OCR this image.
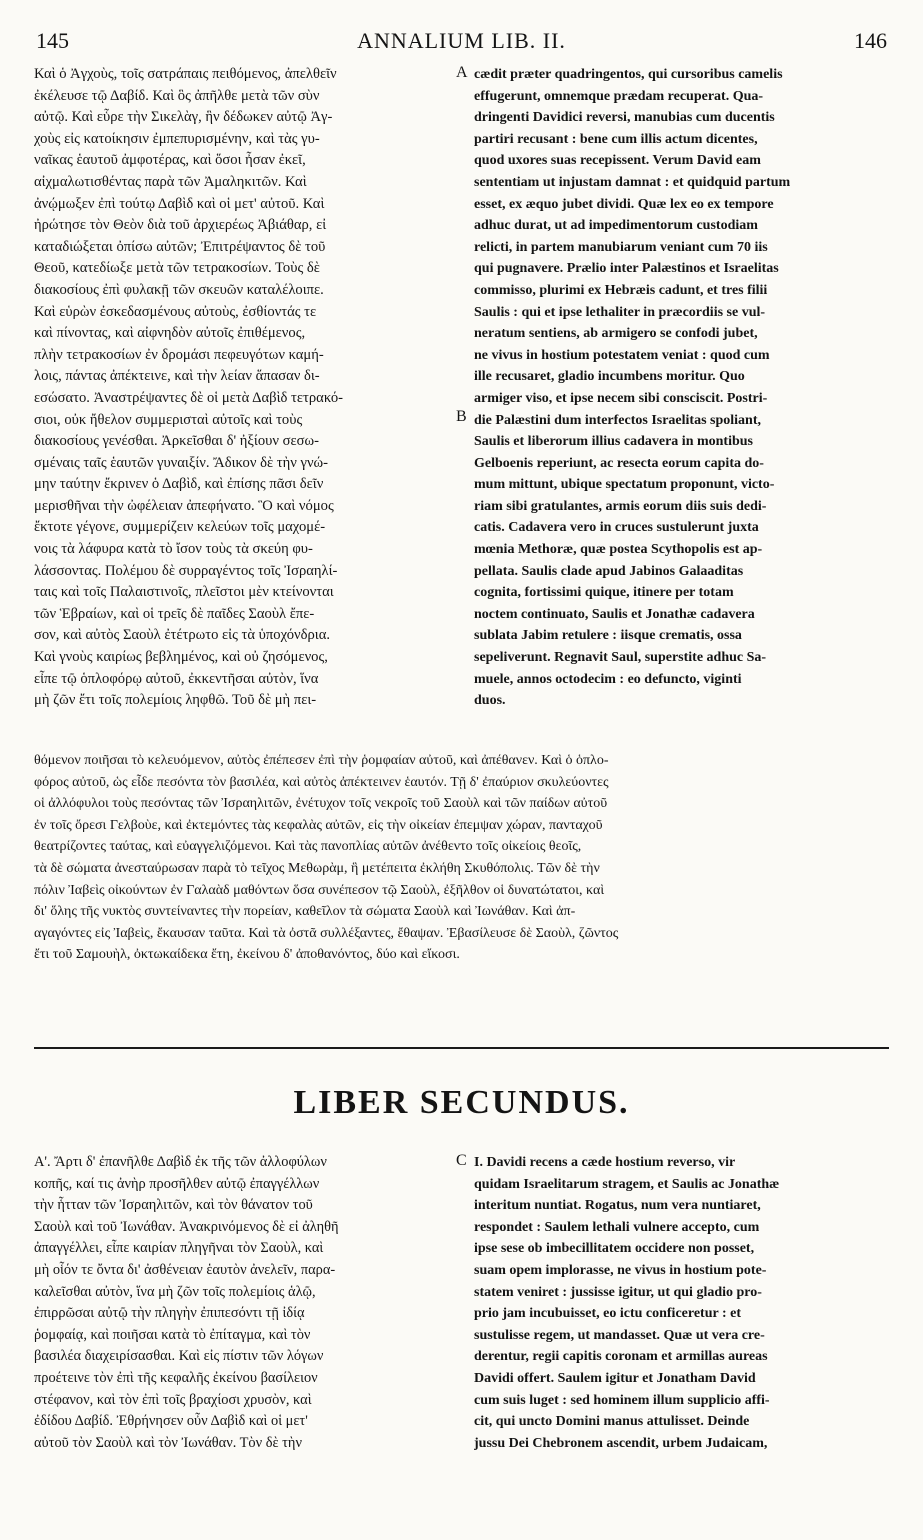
145	ANNALIUM LIB. II.	146
A
B
C
Καὶ ὁ Ἀγχοὺς, τοῖς σατράπαις πειθόμενος, ἀπελθεῖν
ἐκέλευσε τῷ Δαβίδ. Καὶ ὃς ἀπῆλθε μετὰ τῶν σὺν
αὐτῷ. Καὶ εὗρε τὴν Σικελὰγ, ἣν δέδωκεν αὐτῷ Ἀγ-
χοὺς εἰς κατοίκησιν ἐμπεπυρισμένην, καὶ τὰς γυ-
ναῖκας ἑαυτοῦ ἀμφοτέρας, καὶ ὅσοι ἦσαν ἐκεῖ,
αἰχμαλωτισθέντας παρὰ τῶν Ἀμαληκιτῶν. Καὶ
ἀνῴμωξεν ἐπὶ τούτῳ Δαβὶδ καὶ οἱ μετ' αὐτοῦ. Καὶ
ἠρώτησε τὸν Θεὸν διὰ τοῦ ἀρχιερέως Ἀβιάθαρ, εἰ
καταδιώξεται ὀπίσω αὐτῶν; Ἐπιτρέψαντος δὲ τοῦ
Θεοῦ, κατεδίωξε μετὰ τῶν τετρακοσίων. Τοὺς δὲ
διακοσίους ἐπὶ φυλακῇ τῶν σκευῶν καταλέλοιπε.
Καὶ εὑρὼν ἐσκεδασμένους αὐτοὺς, ἐσθίοντάς τε
καὶ πίνοντας, καὶ αἰφνηδὸν αὐτοῖς ἐπιθέμενος,
πλὴν τετρακοσίων ἐν δρομάσι πεφευγότων καμή-
λοις, πάντας ἀπέκτεινε, καὶ τὴν λείαν ἅπασαν δι-
εσώσατο. Ἀναστρέψαντες δὲ οἱ μετὰ Δαβὶδ τετρακό-
σιοι, οὐκ ἤθελον συμμερισταὶ αὐτοῖς καὶ τοὺς
διακοσίους γενέσθαι. Ἀρκεῖσθαι δ' ἠξίουν σεσω-
σμέναις ταῖς ἑαυτῶν γυναιξίν. Ἄδικον δὲ τὴν γνώ-
μην ταύτην ἔκρινεν ὁ Δαβὶδ, καὶ ἐπίσης πᾶσι δεῖν
μερισθῆναι τὴν ὠφέλειαν ἀπεφήνατο. Ὃ καὶ νόμος
ἔκτοτε γέγονε, συμμερίζειν κελεύων τοῖς μαχομέ-
νοις τὰ λάφυρα κατὰ τὸ ἴσον τοὺς τὰ σκεύη φυ-
λάσσοντας. Πολέμου δὲ συρραγέντος τοῖς Ἰσραηλί-
ταις καὶ τοῖς Παλαιστινοῖς, πλεῖστοι μὲν κτείνονται
τῶν Ἑβραίων, καὶ οἱ τρεῖς δὲ παῖδες Σαοὺλ ἔπε-
σον, καὶ αὐτὸς Σαοὺλ ἐτέτρωτο εἰς τὰ ὑποχόνδρια.
Καὶ γνοὺς καιρίως βεβλημένος, καὶ οὐ ζησόμενος,
εἶπε τῷ ὁπλοφόρῳ αὐτοῦ, ἐκκεντῆσαι αὐτὸν, ἵνα
μὴ ζῶν ἔτι τοῖς πολεμίοις ληφθῶ. Τοῦ δὲ μὴ πει-
cædit præter quadringentos, qui cursoribus camelis
effugerunt, omnemque prædam recuperat. Qua-
dringenti Davidici reversi, manubias cum ducentis
partiri recusant : bene cum illis actum dicentes,
quod uxores suas recepissent. Verum David eam
sententiam ut injustam damnat : et quidquid partum
esset, ex æquo jubet dividi. Quæ lex eo ex tempore
adhuc durat, ut ad impedimentorum custodiam
relicti, in partem manubiarum veniant cum 70 iis
qui pugnavere. Prælio inter Palæstinos et Israelitas
commisso, plurimi ex Hebræis cadunt, et tres filii
Saulis : qui et ipse lethaliter in præcordiis se vul-
neratum sentiens, ab armigero se confodi jubet,
ne vivus in hostium potestatem veniat : quod cum
ille recusaret, gladio incumbens moritur. Quo
armiger viso, et ipse necem sibi consciscit. Postri-
die Palæstini dum interfectos Israelitas spoliant,
Saulis et liberorum illius cadavera in montibus
Gelboenis reperiunt, ac resecta eorum capita do-
mum mittunt, ubique spectatum proponunt, victo-
riam sibi gratulantes, armis eorum diis suis dedi-
catis. Cadavera vero in cruces sustulerunt juxta
mœnia Methoræ, quæ postea Scythopolis est ap-
pellata. Saulis clade apud Jabinos Galaaditas
cognita, fortissimi quique, itinere per totam
noctem continuato, Saulis et Jonathæ cadavera
sublata Jabim retulere : iisque crematis, ossa
sepeliverunt. Regnavit Saul, superstite adhuc Sa-
muele, annos octodecim : eo defuncto, viginti
duos.
θόμενον ποιῆσαι τὸ κελευόμενον, αὐτὸς ἐπέπεσεν ἐπὶ τὴν ῥομφαίαν αὐτοῦ, καὶ ἀπέθανεν. Καὶ ὁ ὁπλο-
φόρος αὐτοῦ, ὡς εἶδε πεσόντα τὸν βασιλέα, καὶ αὐτὸς ἀπέκτεινεν ἑαυτόν. Τῇ δ' ἐπαύριον σκυλεύοντες
οἱ ἀλλόφυλοι τοὺς πεσόντας τῶν Ἰσραηλιτῶν, ἐνέτυχον τοῖς νεκροῖς τοῦ Σαοὺλ καὶ τῶν παίδων αὐτοῦ
ἐν τοῖς ὄρεσι Γελβοὺε, καὶ ἐκτεμόντες τὰς κεφαλὰς αὐτῶν, εἰς τὴν οἰκείαν ἐπεμψαν χώραν, πανταχοῦ
θεατρίζοντες ταύτας, καὶ εὐαγγελιζόμενοι. Καὶ τὰς πανοπλίας αὐτῶν ἀνέθεντο τοῖς οἰκείοις θεοῖς,
τὰ δὲ σώματα ἀνεσταύρωσαν παρὰ τὸ τεῖχος Μεθωρὰμ, ἣ μετέπειτα ἐκλήθη Σκυθόπολις. Τῶν δὲ τὴν
πόλιν Ἰαβεὶς οἰκούντων ἐν Γαλαὰδ μαθόντων ὅσα συνέπεσον τῷ Σαοὺλ, ἐξῆλθον οἱ δυνατώτατοι, καὶ
δι' ὅλης τῆς νυκτὸς συντείναντες τὴν πορείαν, καθεῖλον τὰ σώματα Σαοὺλ καὶ Ἰωνάθαν. Καὶ ἀπ-
αγαγόντες εἰς Ἰαβεὶς, ἔκαυσαν ταῦτα. Καὶ τὰ ὀστᾶ συλλέξαντες, ἔθαψαν. Ἐβασίλευσε δὲ Σαοὺλ, ζῶντος
ἔτι τοῦ Σαμουὴλ, ὀκτωκαίδεκα ἔτη, ἐκείνου δ' ἀποθανόντος, δύο καὶ εἴκοσι.
LIBER SECUNDUS.
Α'. Ἄρτι δ' ἐπανῆλθε Δαβὶδ ἐκ τῆς τῶν ἀλλοφύλων
κοπῆς, καί τις ἀνὴρ προσῆλθεν αὐτῷ ἐπαγγέλλων
τὴν ἧτταν τῶν Ἰσραηλιτῶν, καὶ τὸν θάνατον τοῦ
Σαοὺλ καὶ τοῦ Ἰωνάθαν. Ἀνακρινόμενος δὲ εἰ ἀληθῆ
ἀπαγγέλλει, εἶπε καιρίαν πληγῆναι τὸν Σαοὺλ, καὶ
μὴ οἷόν τε ὄντα δι' ἀσθένειαν ἑαυτὸν ἀνελεῖν, παρα-
καλεῖσθαι αὐτὸν, ἵνα μὴ ζῶν τοῖς πολεμίοις ἁλῷ,
ἐπιρρῶσαι αὐτῷ τὴν πληγὴν ἐπιπεσόντι τῇ ἰδίᾳ
ῥομφαίᾳ, καὶ ποιῆσαι κατὰ τὸ ἐπίταγμα, καὶ τὸν
βασιλέα διαχειρίσασθαι. Καὶ εἰς πίστιν τῶν λόγων
προέτεινε τὸν ἐπὶ τῆς κεφαλῆς ἐκείνου βασίλειον
στέφανον, καὶ τὸν ἐπὶ τοῖς βραχίοσι χρυσὸν, καὶ
ἐδίδου Δαβίδ. Ἐθρήνησεν οὖν Δαβὶδ καὶ οἱ μετ'
αὐτοῦ τὸν Σαοὺλ καὶ τὸν Ἰωνάθαν. Τὸν δὲ τὴν
I. Davidi recens a cæde hostium reverso, vir
quidam Israelitarum stragem, et Saulis ac Jonathæ
interitum nuntiat. Rogatus, num vera nuntiaret,
respondet : Saulem lethali vulnere accepto, cum
ipse sese ob imbecillitatem occidere non posset,
suam opem implorasse, ne vivus in hostium pote-
statem veniret : jussisse igitur, ut qui gladio pro-
prio jam incubuisset, eo ictu conficeretur : et
sustulisse regem, ut mandasset. Quæ ut vera cre-
derentur, regii capitis coronam et armillas aureas
Davidi offert. Saulem igitur et Jonatham David
cum suis luget : sed hominem illum supplicio affi-
cit, qui uncto Domini manus attulisset. Deinde
jussu Dei Chebronem ascendit, urbem Judaicam,
